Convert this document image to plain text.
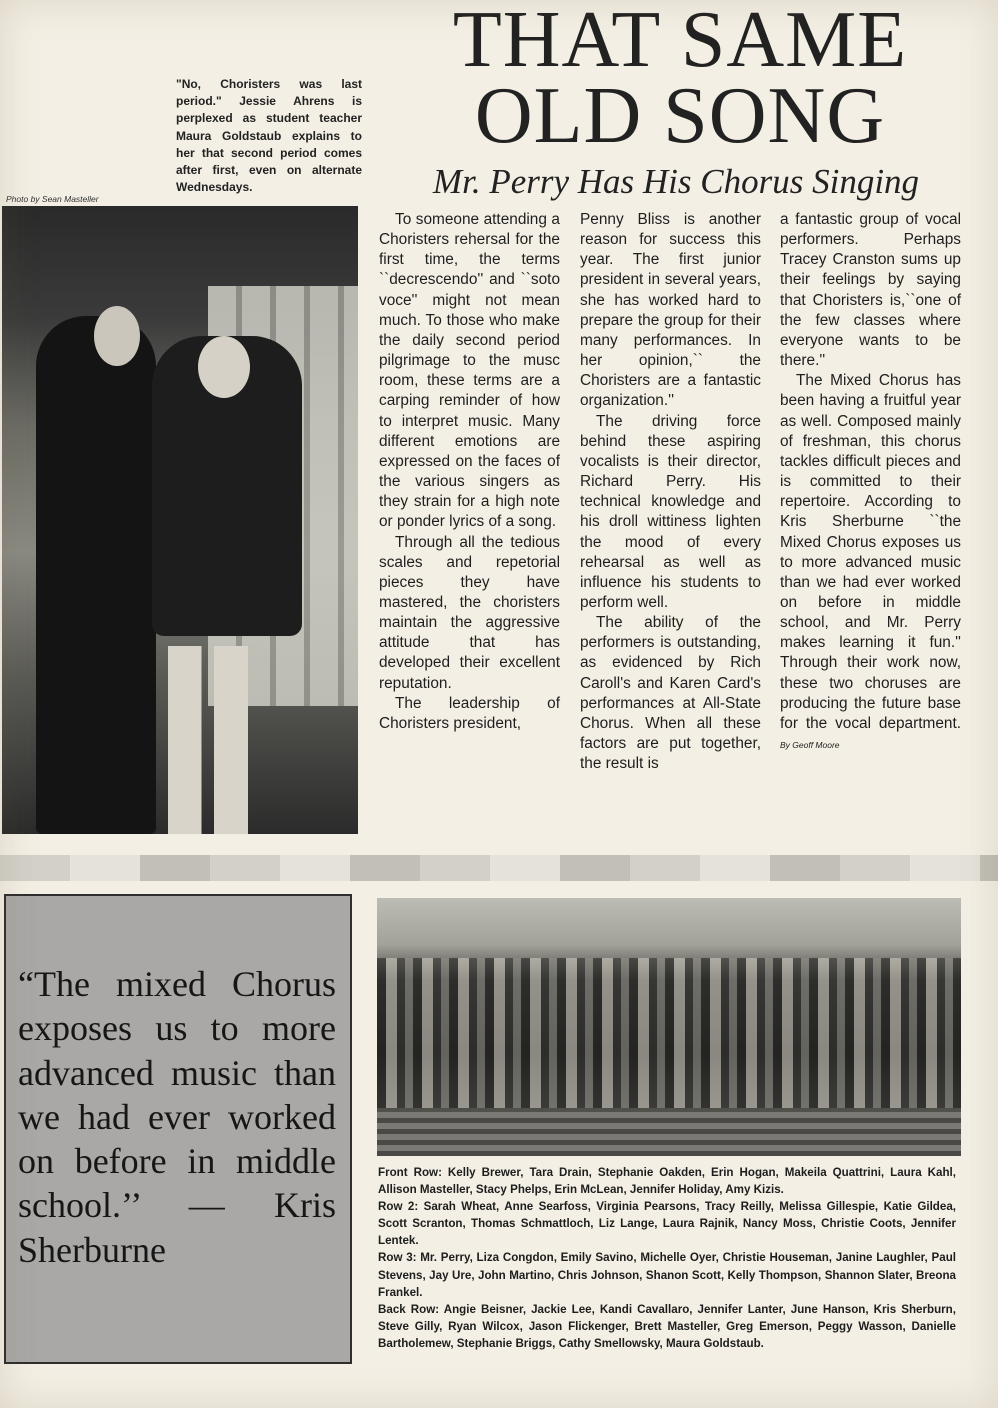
THAT SAME OLD SONG
Mr. Perry Has His Chorus Singing

"No, Choristers was last period." Jessie Ahrens is perplexed as student teacher Maura Goldstaub explains to her that second period comes after first, even on alternate Wednesdays.

Photo by Sean Masteller

To someone attending a Choristers rehersal for the first time, the terms ``decrescendo'' and ``soto voce'' might not mean much. To those who make the daily second period pilgrimage to the musc room, these terms are a carping reminder of how to interpret music. Many different emotions are expressed on the faces of the various singers as they strain for a high note or ponder lyrics of a song.

Through all the tedious scales and repetorial pieces they have mastered, the choristers maintain the aggressive attitude that has developed their excellent reputation.

The leadership of Choristers president,

Penny Bliss is another reason for success this year. The first junior president in several years, she has worked hard to prepare the group for their many performances. In her opinion,`` the Choristers are a fantastic organization.''

The driving force behind these aspiring vocalists is their director, Richard Perry. His technical knowledge and his droll wittiness lighten the mood of every rehearsal as well as influence his students to perform well.

The ability of the performers is outstanding, as evidenced by Rich Caroll's and Karen Card's performances at All-State Chorus. When all these factors are put together, the result is

a fantastic group of vocal performers. Perhaps Tracey Cranston sums up their feelings by saying that Choristers is,``one of the few classes where everyone wants to be there.''

The Mixed Chorus has been having a fruitful year as well. Composed mainly of freshman, this chorus tackles difficult pieces and is committed to their repertoire. According to Kris Sherburne ``the Mixed Chorus exposes us to more advanced music than we had ever worked on before in middle school, and Mr. Perry makes learning it fun.'' Through their work now, these two choruses are producing the future base for the vocal department. By Geoff Moore

“The mixed Chorus exposes us to more advanced music than we had ever worked on before in middle school.’’ — Kris Sherburne

Front Row: Kelly Brewer, Tara Drain, Stephanie Oakden, Erin Hogan, Makeila Quattrini, Laura Kahl, Allison Masteller, Stacy Phelps, Erin McLean, Jennifer Holiday, Amy Kizis.

Row 2: Sarah Wheat, Anne Searfoss, Virginia Pearsons, Tracy Reilly, Melissa Gillespie, Katie Gildea, Scott Scranton, Thomas Schmattloch, Liz Lange, Laura Rajnik, Nancy Moss, Christie Coots, Jennifer Lentek.

Row 3: Mr. Perry, Liza Congdon, Emily Savino, Michelle Oyer, Christie Houseman, Janine Laughler, Paul Stevens, Jay Ure, John Martino, Chris Johnson, Shanon Scott, Kelly Thompson, Shannon Slater, Breona Frankel.

Back Row: Angie Beisner, Jackie Lee, Kandi Cavallaro, Jennifer Lanter, June Hanson, Kris Sherburn, Steve Gilly, Ryan Wilcox, Jason Flickenger, Brett Masteller, Greg Emerson, Peggy Wasson, Danielle Bartholemew, Stephanie Briggs, Cathy Smellowsky, Maura Goldstaub.
